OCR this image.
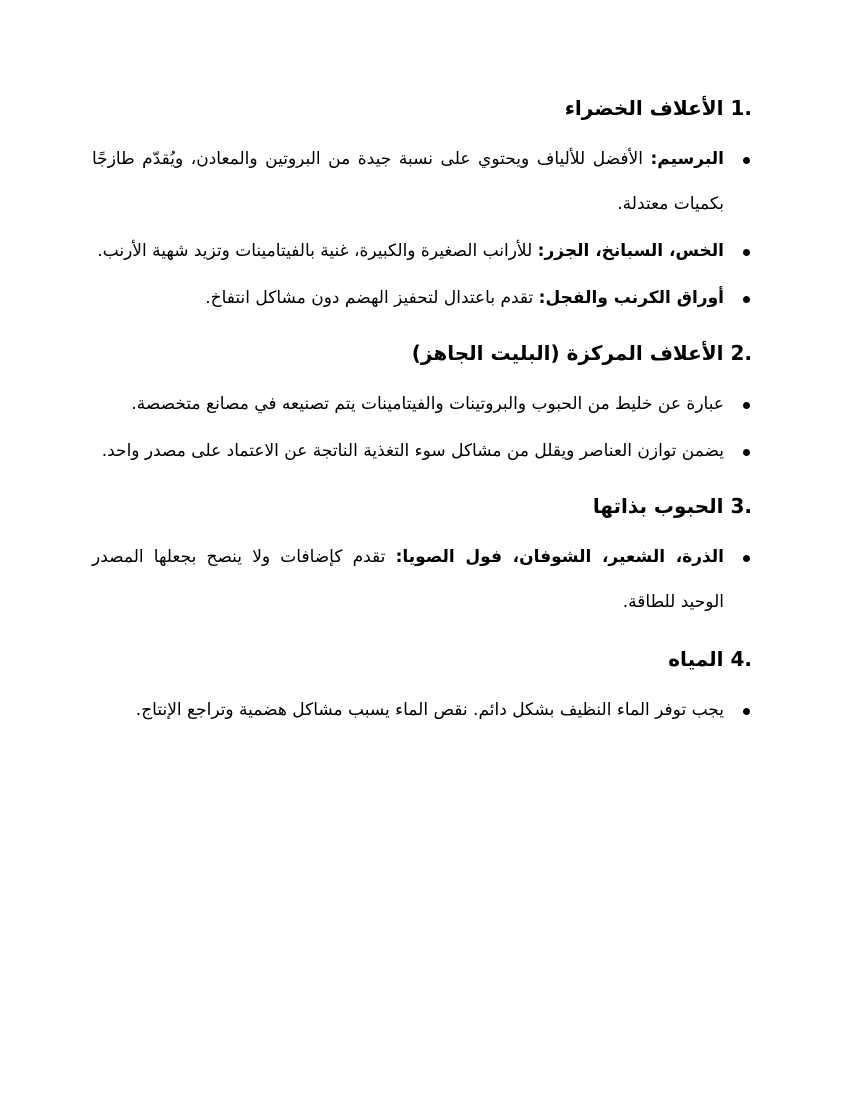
1. الأعلاف الخضراء
البرسيم: الأفضل للألياف ويحتوي على نسبة جيدة من البروتين والمعادن، ويُقدّم طازجًا بكميات معتدلة.
الخس، السبانخ، الجزر: للأرانب الصغيرة والكبيرة، غنية بالفيتامينات وتزيد شهية الأرنب.
أوراق الكرنب والفجل: تقدم باعتدال لتحفيز الهضم دون مشاكل انتفاخ.
2. الأعلاف المركزة (البليت الجاهز)
عبارة عن خليط من الحبوب والبروتينات والفيتامينات يتم تصنيعه في مصانع متخصصة.
يضمن توازن العناصر ويقلل من مشاكل سوء التغذية الناتجة عن الاعتماد على مصدر واحد.
3. الحبوب بذاتها
الذرة، الشعير، الشوفان، فول الصويا: تقدم كإضافات ولا ينصح بجعلها المصدر الوحيد للطاقة.
4. المياه
يجب توفر الماء النظيف بشكل دائم. نقص الماء يسبب مشاكل هضمية وتراجع الإنتاج.
